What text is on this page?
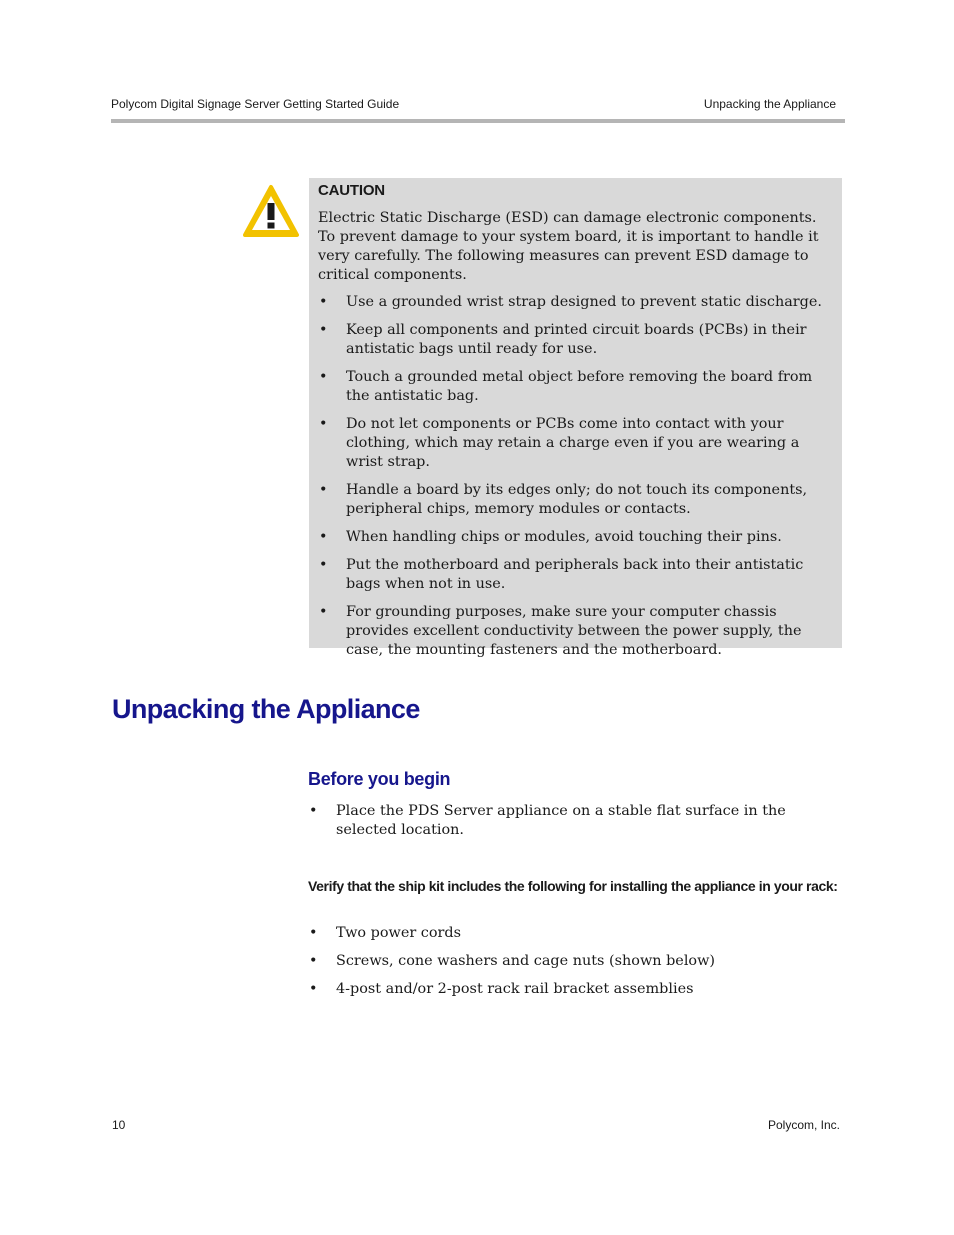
Polycom Digital Signage Server Getting Started Guide	Unpacking the Appliance

CAUTION

Electric Static Discharge (ESD) can damage electronic components. To prevent damage to your system board, it is important to handle it very carefully. The following measures can prevent ESD damage to critical components.

• Use a grounded wrist strap designed to prevent static discharge.
• Keep all components and printed circuit boards (PCBs) in their antistatic bags until ready for use.
• Touch a grounded metal object before removing the board from the antistatic bag.
• Do not let components or PCBs come into contact with your clothing, which may retain a charge even if you are wearing a wrist strap.
• Handle a board by its edges only; do not touch its components, peripheral chips, memory modules or contacts.
• When handling chips or modules, avoid touching their pins.
• Put the motherboard and peripherals back into their antistatic bags when not in use.
• For grounding purposes, make sure your computer chassis provides excellent conductivity between the power supply, the case, the mounting fasteners and the motherboard.
Unpacking the Appliance
Before you begin
• Place the PDS Server appliance on a stable flat surface in the selected location.

Verify that the ship kit includes the following for installing the appliance in your rack:

• Two power cords
• Screws, cone washers and cage nuts (shown below)
• 4-post and/or 2-post rack rail bracket assemblies
10	Polycom, Inc.
